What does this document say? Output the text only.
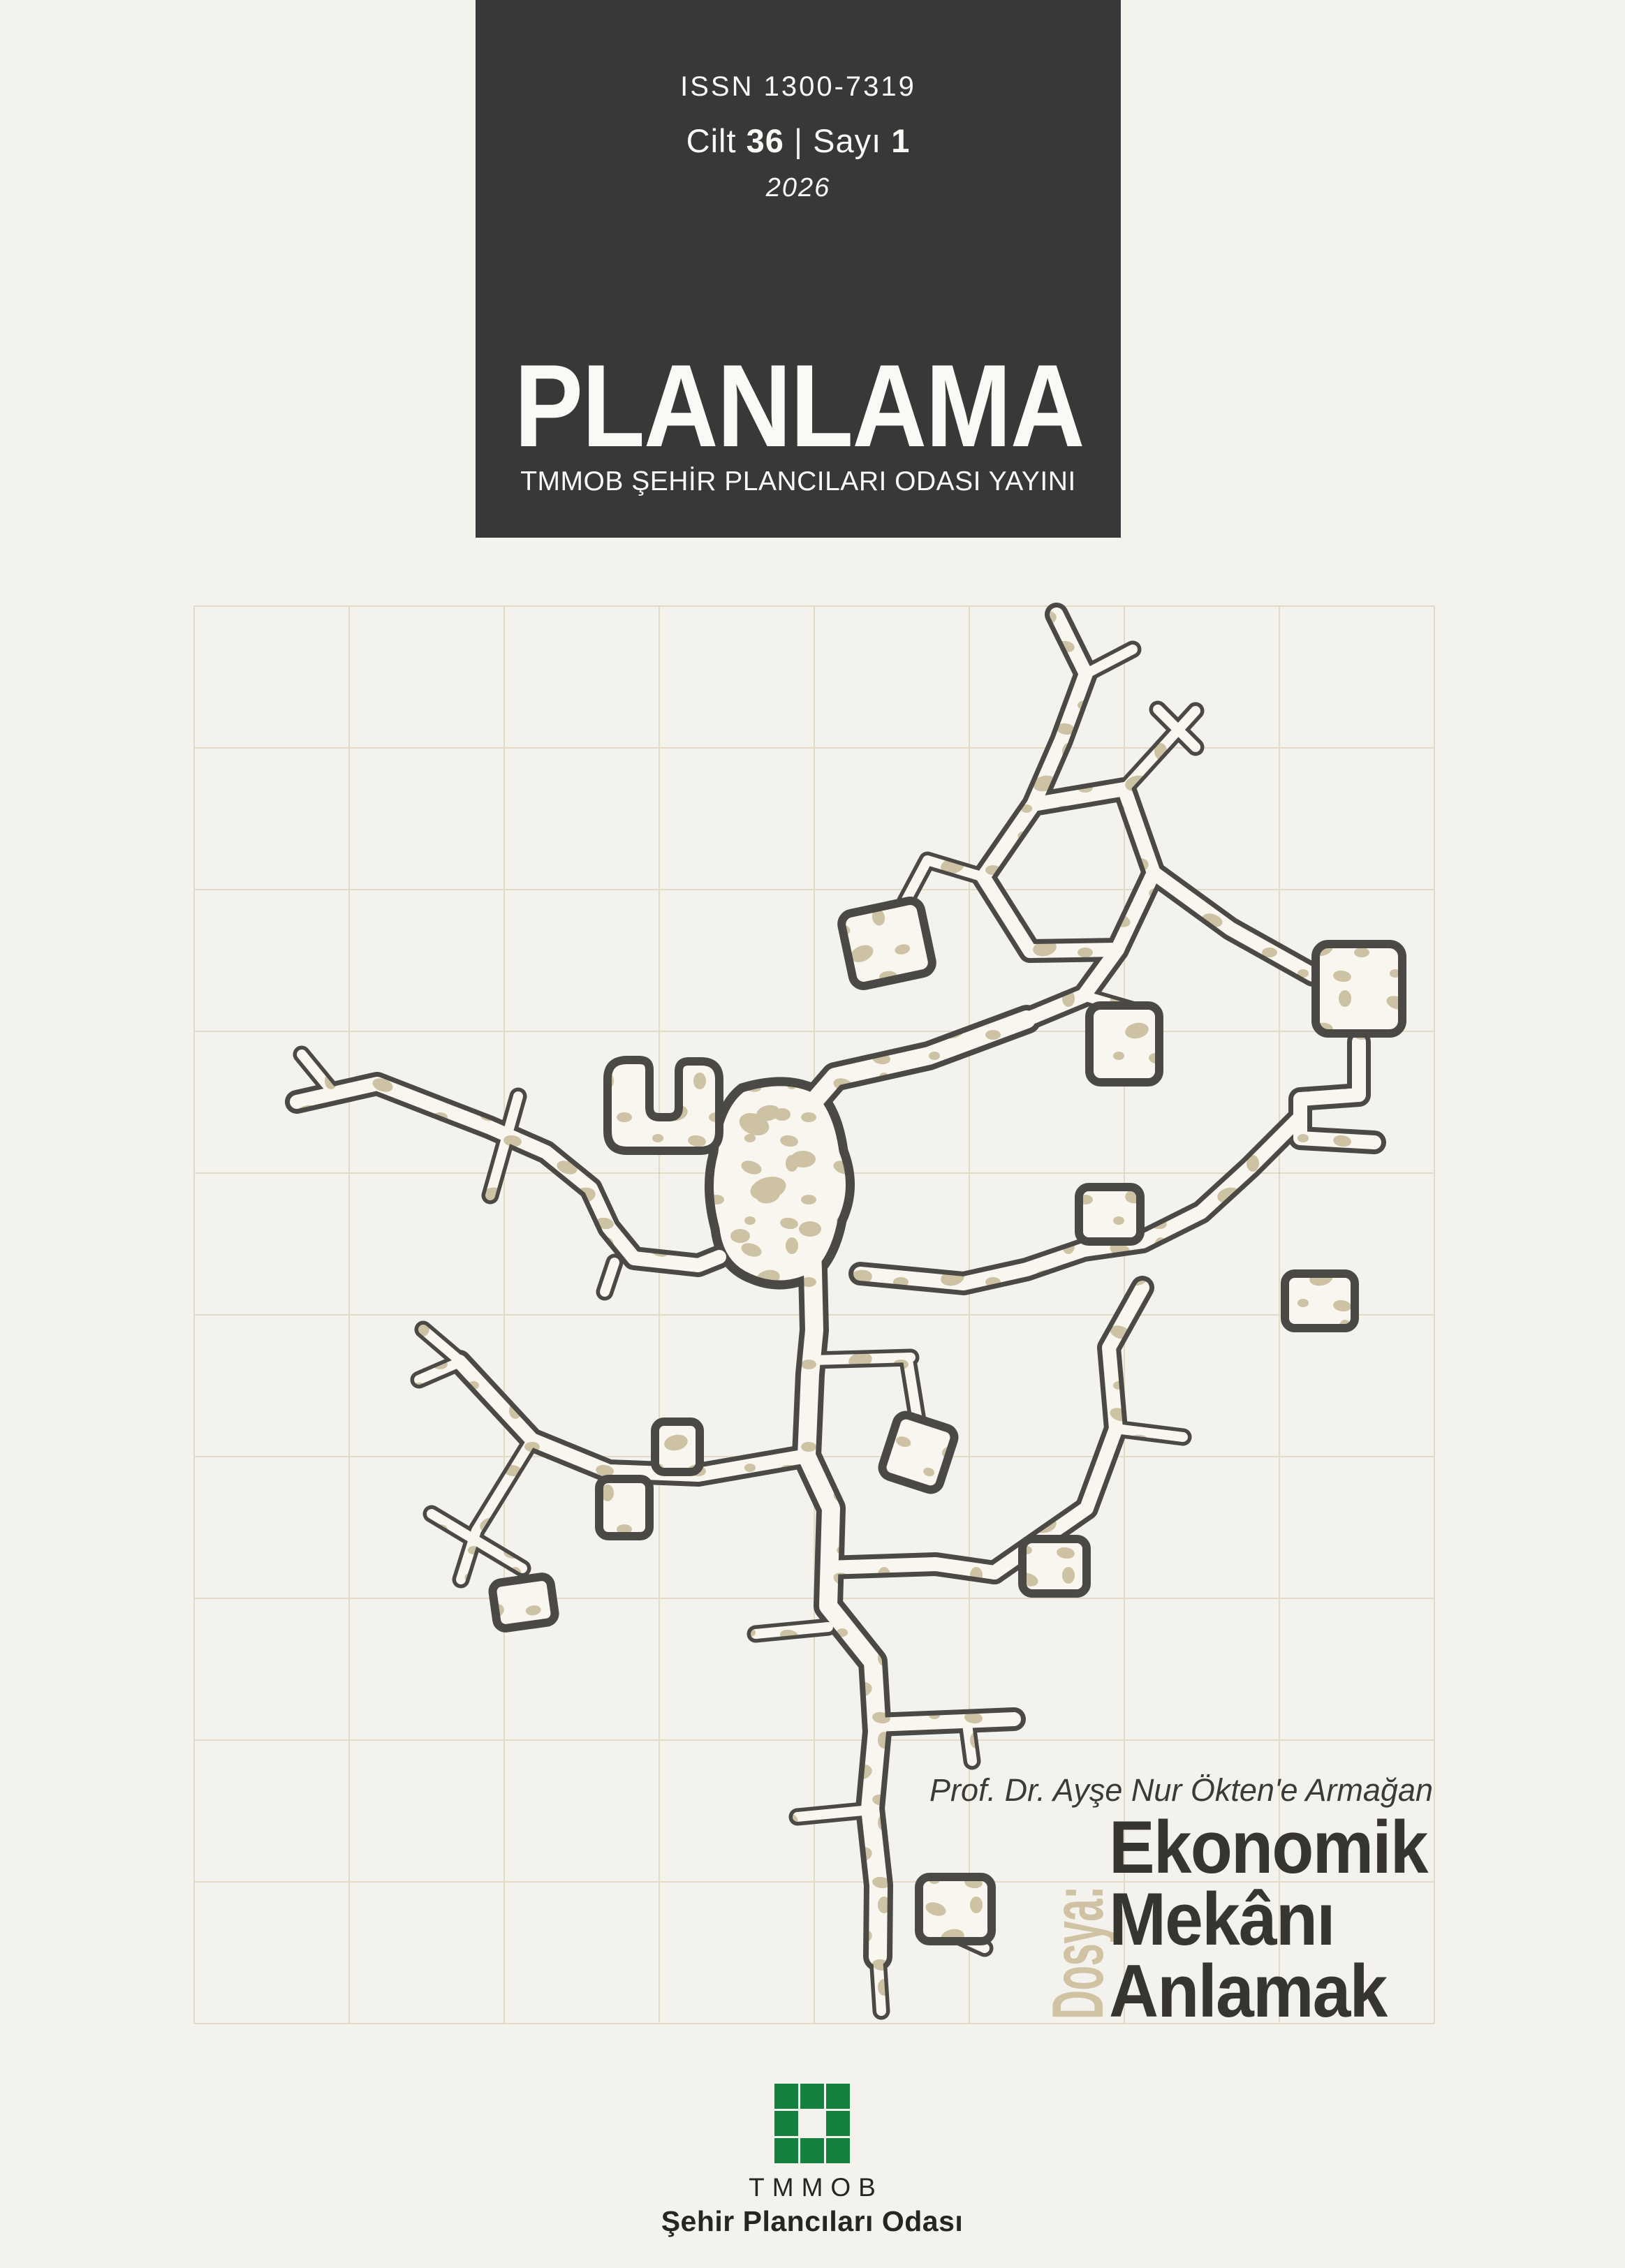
ISSN 1300-7319
Cilt 36 | Sayı 1
2026
PLANLAMA
TMMOB ŞEHİR PLANCILARI ODASI YAYINI
Prof. Dr. Ayşe Nur Ökten'e Armağan
Dosya:
Ekonomik
Mekânı
Anlamak
TMMOB
Şehir Plancıları Odası
